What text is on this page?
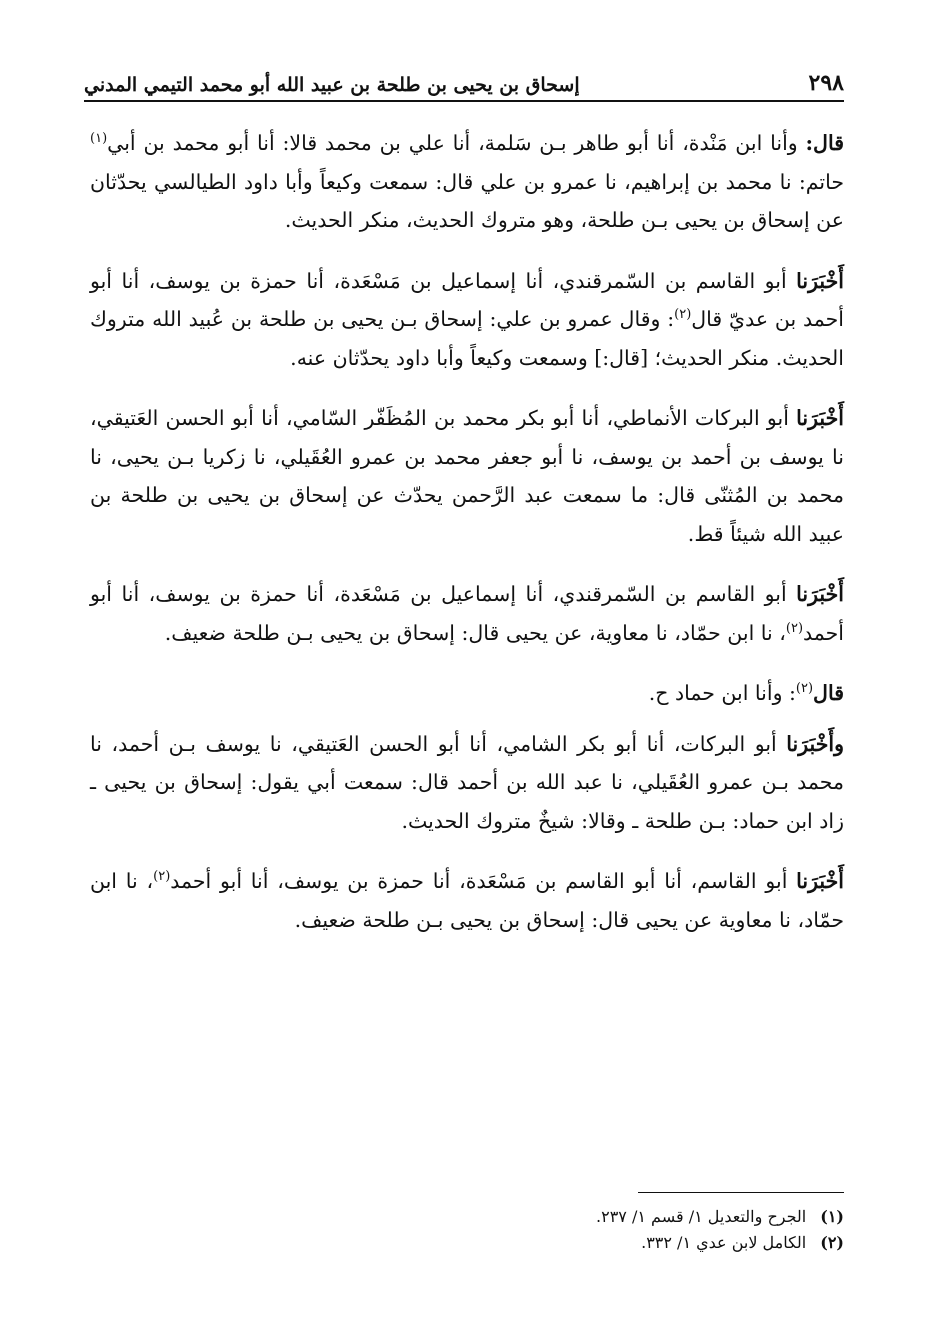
إسحاق بن يحيى بن طلحة بن عبيد الله أبو محمد التيمي المدني	٢٩٨

قال: وأنا ابن مَنْدة، أنا أبو طاهر بـن سَلمة، أنا علي بن محمد قالا: أنا أبو محمد بن أبي$^{(١)}$ حاتم: نا محمد بن إبراهيم، نا عمرو بن علي قال: سمعت وكيعاً وأبا داود الطيالسي يحدّثان عن إسحاق بن يحيى بـن طلحة، وهو متروك الحديث، منكر الحديث.

أَخْبَرَنا أبو القاسم بن السّمرقندي، أنا إسماعيل بن مَسْعَدة، أنا حمزة بن يوسف، أنا أبو أحمد بن عديّ قال$^{(٢)}$: وقال عمرو بن علي: إسحاق بـن يحيى بن طلحة بن عُبيد الله متروك الحديث. منكر الحديث؛ [قال:] وسمعت وكيعاً وأبا داود يحدّثان عنه.

أَخْبَرَنا أبو البركات الأنماطي، أنا أبو بكر محمد بن المُظَفّر السّامي، أنا أبو الحسن العَتيقي، نا يوسف بن أحمد بن يوسف، نا أبو جعفر محمد بن عمرو العُقَيلي، نا زكريا بـن يحيى، نا محمد بن المُثنّى قال: ما سمعت عبد الرَّحمن يحدّث عن إسحاق بن يحيى بن طلحة بن عبيد الله شيئاً قط.

أَخْبَرَنا أبو القاسم بن السّمرقندي، أنا إسماعيل بن مَسْعَدة، أنا حمزة بن يوسف، أنا أبو أحمد$^{(٢)}$، نا ابن حمّاد، نا معاوية، عن يحيى قال: إسحاق بن يحيى بـن طلحة ضعيف.

قال$^{(٢)}$: وأنا ابن حماد ح.

وأَخْبَرَنا أبو البركات، أنا أبو بكر الشامي، أنا أبو الحسن العَتيقي، نا يوسف بـن أحمد، نا محمد بـن عمرو العُقَيلي، نا عبد الله بن أحمد قال: سمعت أبي يقول: إسحاق بن يحيى ـ زاد ابن حماد: بـن طلحة ـ وقالا: شيخٌ متروك الحديث.

أَخْبَرَنا أبو القاسم، أنا أبو القاسم بن مَسْعَدة، أنا حمزة بن يوسف، أنا أبو أحمد$^{(٢)}$، نا ابن حمّاد، نا معاوية عن يحيى قال: إسحاق بن يحيى بـن طلحة ضعيف.

(١)
الجرح والتعديل ١/ قسم ١/ ٢٣٧.
(٢)
الكامل لابن عدي ١/ ٣٣٢.
